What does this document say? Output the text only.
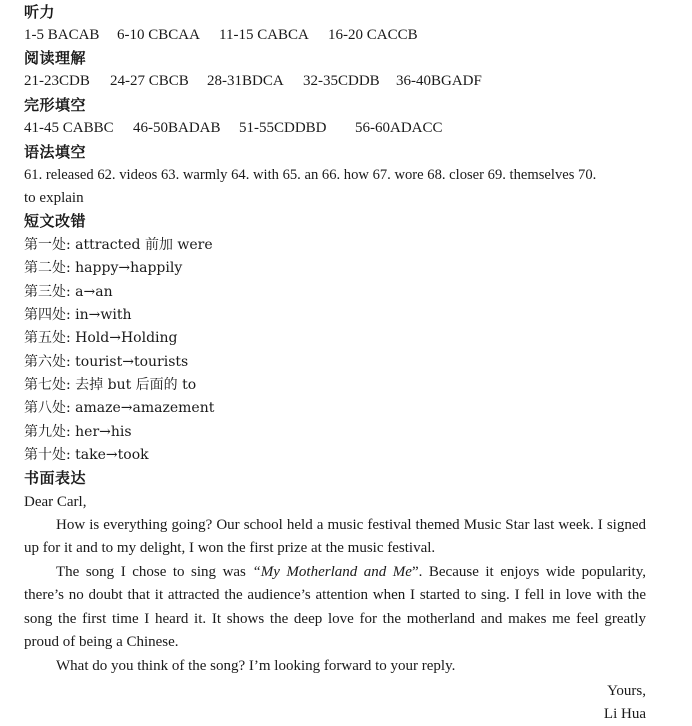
听力
1-5 BACAB 6-10 CBCAA 11-15 CABCA 16-20 CACCB
阅读理解
21-23CDB 24-27 CBCB 28-31BDCA 32-35CDDB 36-40BGADF
完形填空
41-45 CABBC 46-50BADAB 51-55CDDBD 56-60ADACC
语法填空
61. released 62. videos 63. warmly 64. with 65. an 66. how 67. wore 68. closer 69. themselves 70.
to explain
短文改错
第一处: attracted 前加 were
第二处: happy→happily
第三处: a→an
第四处: in→with
第五处: Hold→Holding
第六处: tourist→tourists
第七处: 去掉 but 后面的 to
第八处: amaze→amazement
第九处: her→his
第十处: take→took
书面表达
Dear Carl,

How is everything going? Our school held a music festival themed Music Star last week. I signed up for it and to my delight, I won the first prize at the music festival.

The song I chose to sing was “My Motherland and Me”. Because it enjoys wide popularity, there’s no doubt that it attracted the audience’s attention when I started to sing. I fell in love with the song the first time I heard it. It shows the deep love for the motherland and makes me feel greatly proud of being a Chinese.

What do you think of the song? I’m looking forward to your reply.

Yours,
Li Hua
